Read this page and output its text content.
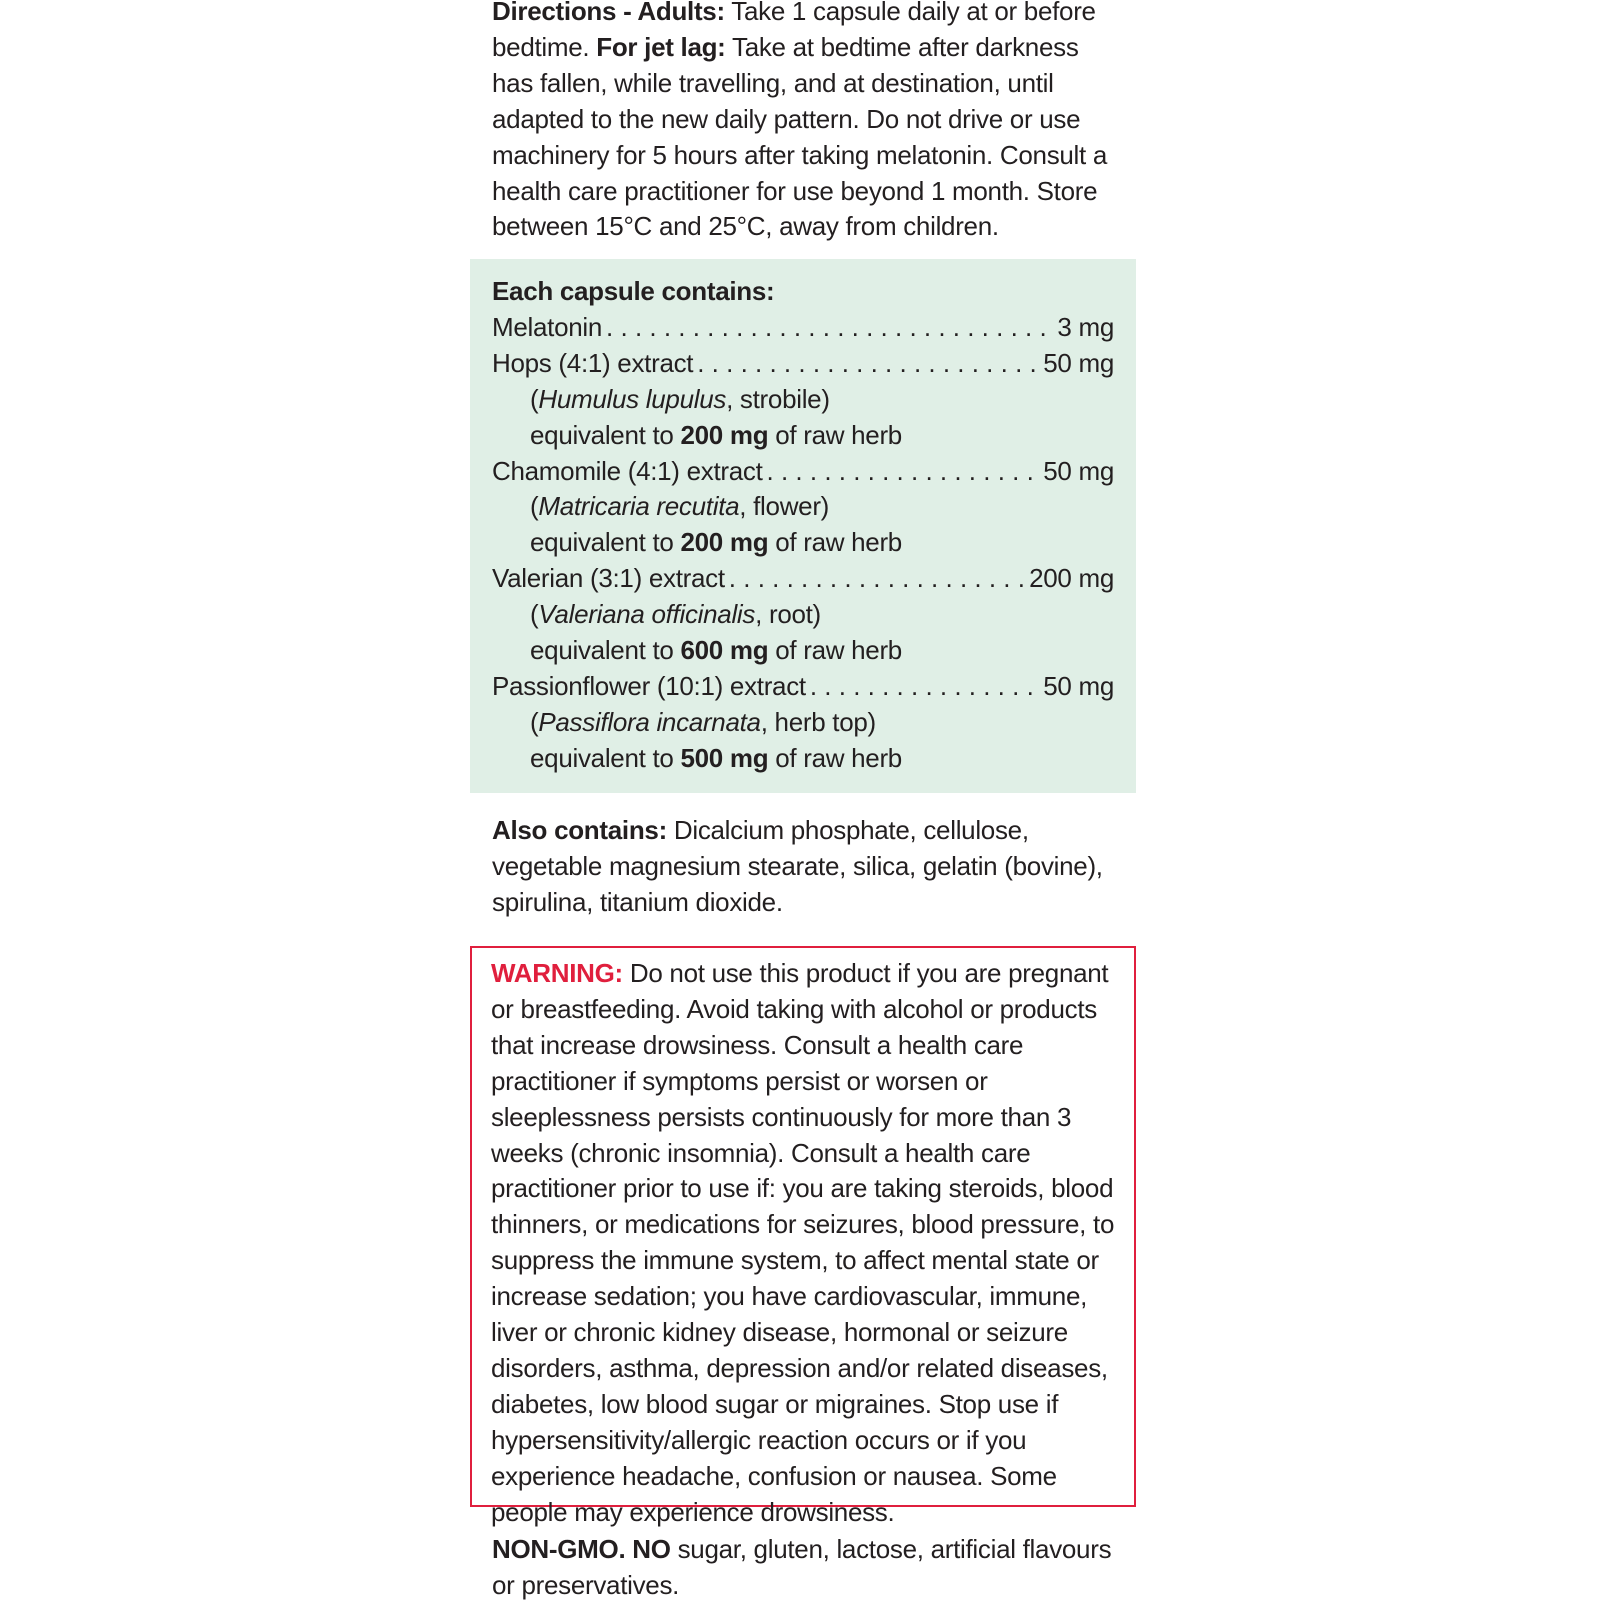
Directions - Adults: Take 1 capsule daily at or before bedtime. For jet lag: Take at bedtime after darkness has fallen, while travelling, and at destination, until adapted to the new daily pattern. Do not drive or use machinery for 5 hours after taking melatonin. Consult a health care practitioner for use beyond 1 month. Store between 15°C and 25°C, away from children.
Each capsule contains:
Melatonin . . .	3 mg
Hops (4:1) extract . . .	50 mg
(Humulus lupulus, strobile)
equivalent to 200 mg of raw herb
Chamomile (4:1) extract . . .	50 mg
(Matricaria recutita, flower)
equivalent to 200 mg of raw herb
Valerian (3:1) extract . . .	200 mg
(Valeriana officinalis, root)
equivalent to 600 mg of raw herb
Passionflower (10:1) extract . . .	50 mg
(Passiflora incarnata, herb top)
equivalent to 500 mg of raw herb
Also contains: Dicalcium phosphate, cellulose, vegetable magnesium stearate, silica, gelatin (bovine), spirulina, titanium dioxide.
WARNING: Do not use this product if you are pregnant or breastfeeding. Avoid taking with alcohol or products that increase drowsiness. Consult a health care practitioner if symptoms persist or worsen or sleeplessness persists continuously for more than 3 weeks (chronic insomnia). Consult a health care practitioner prior to use if: you are taking steroids, blood thinners, or medications for seizures, blood pressure, to suppress the immune system, to affect mental state or increase sedation; you have cardiovascular, immune, liver or chronic kidney disease, hormonal or seizure disorders, asthma, depression and/or related diseases, diabetes, low blood sugar or migraines. Stop use if hypersensitivity/allergic reaction occurs or if you experience headache, confusion or nausea. Some people may experience drowsiness.
NON-GMO. NO sugar, gluten, lactose, artificial flavours or preservatives.
